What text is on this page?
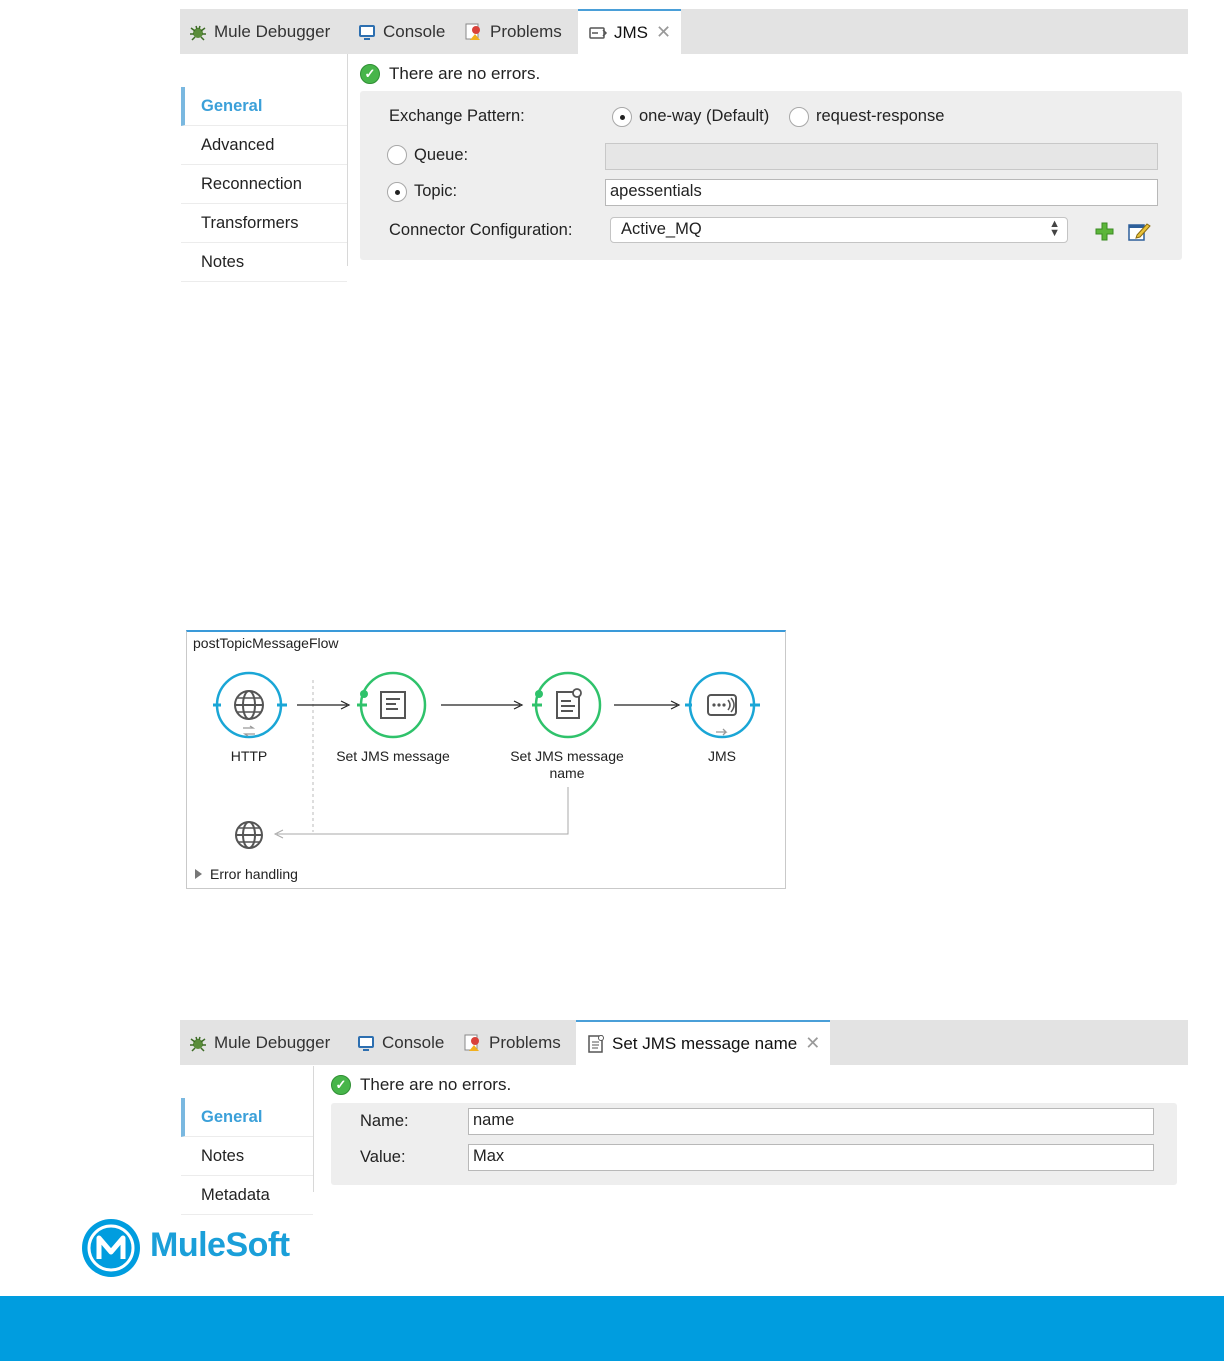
Mule Debugger	Console	Problems	JMS ✕
General
Advanced
Reconnection
Transformers
Notes
✓ There are no errors.
Exchange Pattern:	one-way (Default)	request-response
Queue:
Topic:	apessentials
Connector Configuration:	Active_MQ	▲
▼
postTopicMessageFlow
HTTP	Set JMS message	Set JMS message
name
JMS
Error handling
Mule Debugger	Console	Problems	Set JMS message name ✕
General
Notes
Metadata
✓ There are no errors.
Name:	name
Value:	Max
MuleSoft
